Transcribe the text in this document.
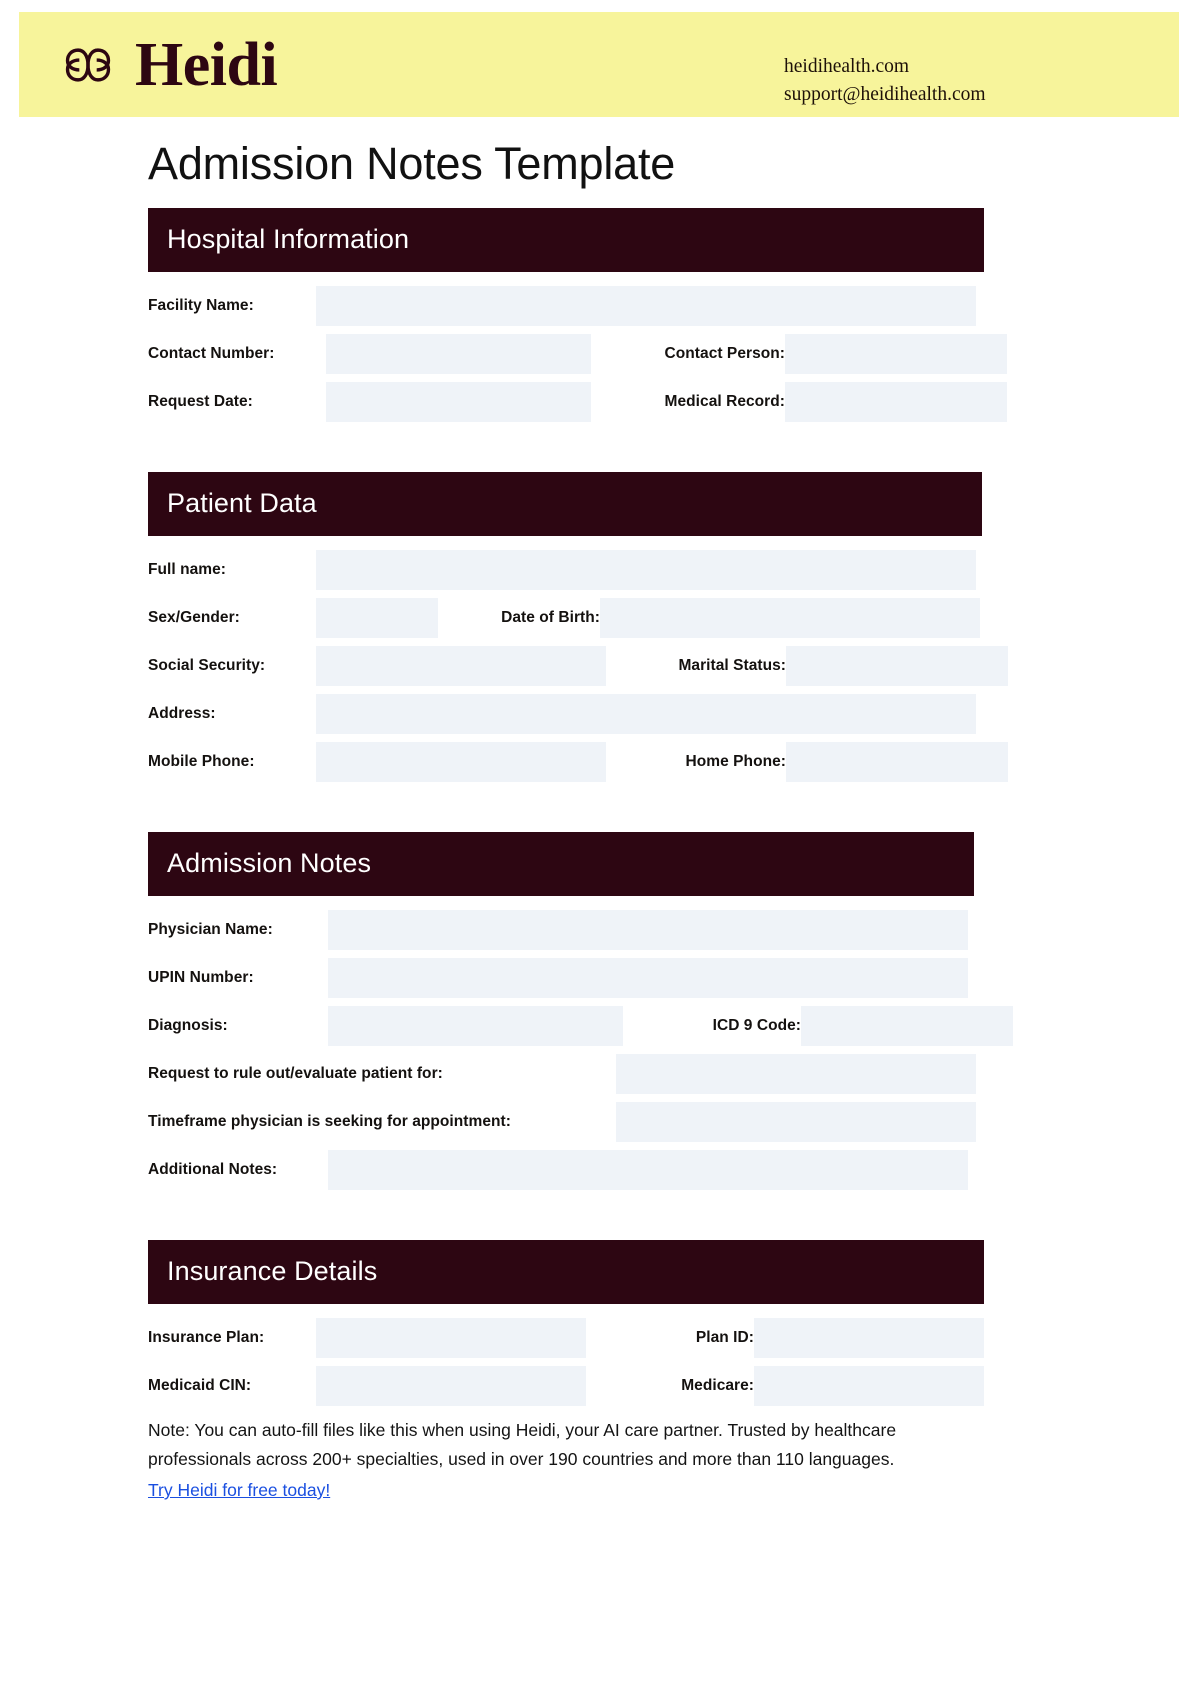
Heidi	heidihealth.com
support@heidihealth.com
Admission Notes Template
Hospital Information
Facility Name:
Contact Number:	Contact Person:
Request Date:	Medical Record:
Patient Data
Full name:
Sex/Gender:	Date of Birth:
Social Security:	Marital Status:
Address:
Mobile Phone:	Home Phone:
Admission Notes
Physician Name:
UPIN Number:
Diagnosis:	ICD 9 Code:
Request to rule out/evaluate patient for:
Timeframe physician is seeking for appointment:
Additional Notes:
Insurance Details
Insurance Plan:	Plan ID:
Medicaid CIN:	Medicare:
Note: You can auto-fill files like this when using Heidi, your AI care partner. Trusted by healthcare professionals across 200+ specialties, used in over 190 countries and more than 110 languages.
Try Heidi for free today!
